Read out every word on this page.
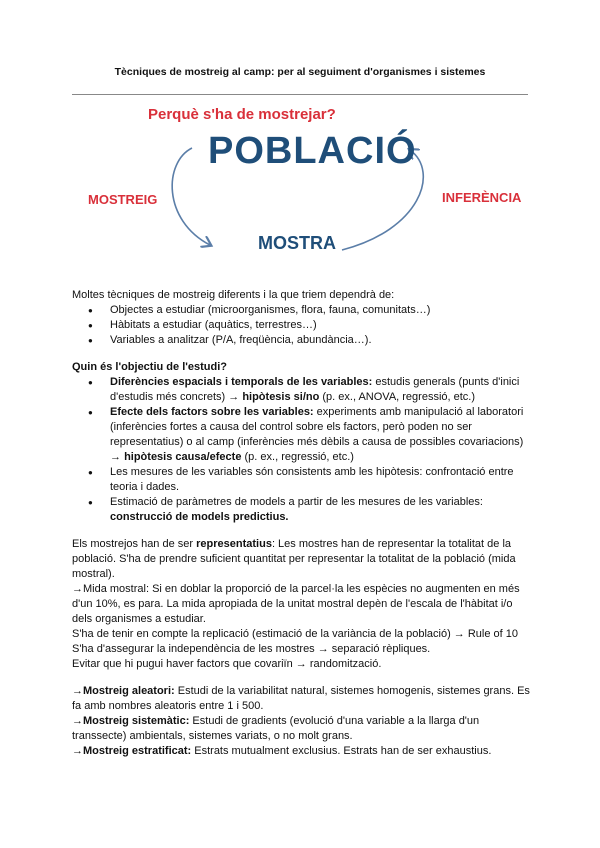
Tècniques de mostreig al camp: per al seguiment d'organismes i sistemes
Perquè s'ha de mostrejar?
POBLACIÓ
MOSTREIG	INFERÈNCIA
MOSTRA

Moltes tècniques de mostreig diferents i la que triem dependrà de:

● Objectes a estudiar (microorganismes, flora, fauna, comunitats…)
● Hàbitats a estudiar (aquàtics, terrestres…)
● Variables a analitzar (P/A, freqüència, abundància…).

Quin és l'objectiu de l'estudi?

● Diferències espacials i temporals de les variables: estudis generals (punts d'inici d'estudis més concrets) → hipòtesis si/no (p. ex., ANOVA, regressió, etc.)
● Efecte dels factors sobre les variables: experiments amb manipulació al laboratori (inferències fortes a causa del control sobre els factors, però poden no ser representatius) o al camp (inferències més dèbils a causa de possibles covariacions) → hipòtesis causa/efecte (p. ex., regressió, etc.)
● Les mesures de les variables són consistents amb les hipòtesis: confrontació entre teoria i dades.
● Estimació de paràmetres de models a partir de les mesures de les variables: construcció de models predictius.

Els mostrejos han de ser representatius: Les mostres han de representar la totalitat de la població. S'ha de prendre suficient quantitat per representar la totalitat de la població (mida mostral).

→Mida mostral: Si en doblar la proporció de la parcel·la les espècies no augmenten en més d'un 10%, es para. La mida apropiada de la unitat mostral depèn de l'escala de l'hàbitat i/o dels organismes a estudiar.

S'ha de tenir en compte la replicació (estimació de la variància de la població) → Rule of 10

S'ha d'assegurar la independència de les mostres → separació rèpliques.

Evitar que hi pugui haver factors que covariïn → randomització.

→Mostreig aleatori: Estudi de la variabilitat natural, sistemes homogenis, sistemes grans. Es fa amb nombres aleatoris entre 1 i 500.

→Mostreig sistemàtic: Estudi de gradients (evolució d'una variable a la llarga d'un transsecte) ambientals, sistemes variats, o no molt grans.

→Mostreig estratificat: Estrats mutualment exclusius. Estrats han de ser exhaustius.
